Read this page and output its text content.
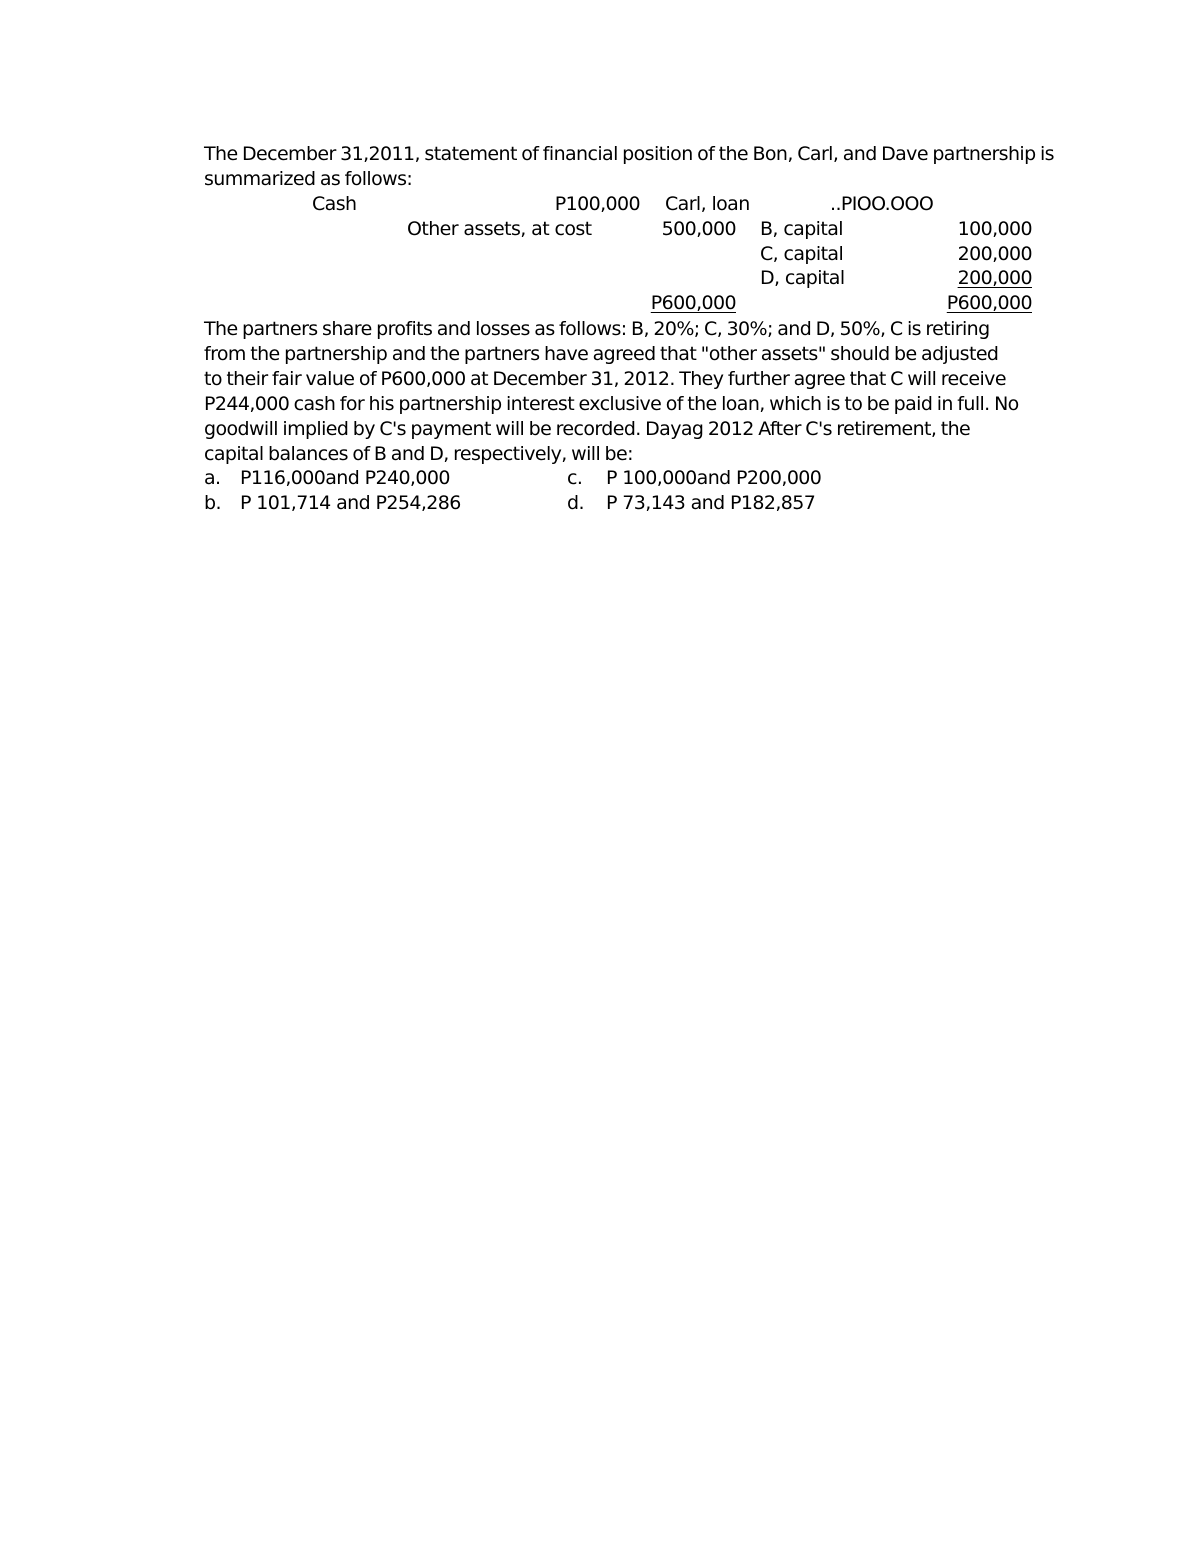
The December 31,2011, statement of financial position of the Bon, Carl, and Dave partnership is
summarized as follows:
Cash	P100,000 Carl, loan	..PIOO.OOO
Other assets, at cost	500,000 B, capital	100,000
C, capital	200,000
D, capital	200,000
P600,000	P600,000
The partners share profits and losses as follows: B, 20%; C, 30%; and D, 50%, C is retiring
from the partnership and the partners have agreed that "other assets" should be adjusted
to their fair value of P600,000 at December 31, 2012. They further agree that C will receive
P244,000 cash for his partnership interest exclusive of the loan, which is to be paid in full. No
goodwill implied by C's payment will be recorded. Dayag 2012 After C's retirement, the
capital balances of B and D, respectively, will be:
a. P116,000and P240,000	c. P 100,000and P200,000
b. P 101,714 and P254,286	d. P 73,143 and P182,857
